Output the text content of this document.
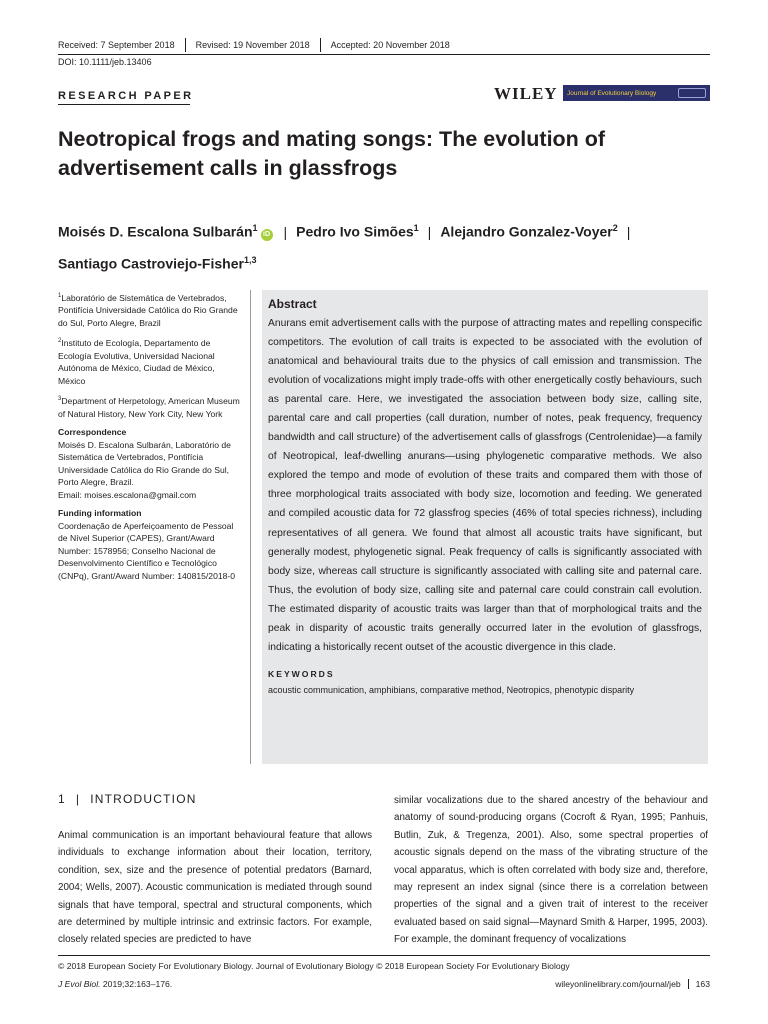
Received: 7 September 2018	Revised: 19 November 2018	Accepted: 20 November 2018
DOI: 10.1111/jeb.13406
RESEARCH PAPER	WILEY Journal of Evolutionary Biology
Neotropical frogs and mating songs: The evolution of advertisement calls in glassfrogs
Moisés D. Escalona Sulbarán$^1$iD | Pedro Ivo Simões$^1$ | Alejandro Gonzalez-Voyer$^2$ |
Santiago Castroviejo-Fisher$^{1,3}$

$^1$Laboratório de Sistemática de Vertebrados, Pontifícia Universidade Católica do Rio Grande do Sul, Porto Alegre, Brazil

$^2$Instituto de Ecología, Departamento de Ecología Evolutiva, Universidad Nacional Autónoma de México, Ciudad de México, México

$^3$Department of Herpetology, American Museum of Natural History, New York City, New York

Correspondence
Moisés D. Escalona Sulbarán, Laboratório de Sistemática de Vertebrados, Pontifícia Universidade Católica do Rio Grande do Sul, Porto Alegre, Brazil.

Email: moises.escalona@gmail.com

Funding information
Coordenação de Aperfeiçoamento de Pessoal de Nível Superior (CAPES), Grant/Award Number: 1578956; Conselho Nacional de Desenvolvimento Científico e Tecnológico (CNPq), Grant/Award Number: 140815/2018-0
Abstract
Anurans emit advertisement calls with the purpose of attracting mates and repelling conspecific competitors. The evolution of call traits is expected to be associated with the evolution of anatomical and behavioural traits due to the physics of call emission and transmission. The evolution of vocalizations might imply trade-offs with other energetically costly behaviours, such as parental care. Here, we investigated the association between body size, calling site, parental care and call properties (call duration, number of notes, peak frequency, frequency bandwidth and call structure) of the advertisement calls of glassfrogs (Centrolenidae)—a family of Neotropical, leaf-dwelling anurans—using phylogenetic comparative methods. We also explored the tempo and mode of evolution of these traits and compared them with those of three morphological traits associated with body size, locomotion and feeding. We generated and compiled acoustic data for 72 glassfrog species (46% of total species richness), including representatives of all genera. We found that almost all acoustic traits have significant, but generally modest, phylogenetic signal. Peak frequency of calls is significantly associated with body size, whereas call structure is significantly associated with calling site and paternal care. Thus, the evolution of body size, calling site and paternal care could constrain call evolution. The estimated disparity of acoustic traits was larger than that of morphological traits and the peak in disparity of acoustic traits generally occurred later in the evolution of glassfrogs, indicating a historically recent outset of the acoustic divergence in this clade.
KEYWORDS
acoustic communication, amphibians, comparative method, Neotropics, phenotypic disparity
1 | INTRODUCTION
Animal communication is an important behavioural feature that allows individuals to exchange information about their location, territory, condition, sex, size and the presence of potential predators (Barnard, 2004; Wells, 2007). Acoustic communication is mediated through sound signals that have temporal, spectral and structural components, which are determined by multiple intrinsic and extrinsic factors. For example, closely related species are predicted to have
similar vocalizations due to the shared ancestry of the behaviour and anatomy of sound-producing organs (Cocroft & Ryan, 1995; Panhuis, Butlin, Zuk, & Tregenza, 2001). Also, some spectral properties of acoustic signals depend on the mass of the vibrating structure of the vocal apparatus, which is often correlated with body size and, therefore, may represent an index signal (since there is a correlation between properties of the signal and a given trait of interest to the receiver evaluated based on said signal—Maynard Smith & Harper, 1995, 2003). For example, the dominant frequency of vocalizations
© 2018 European Society For Evolutionary Biology. Journal of Evolutionary Biology © 2018 European Society For Evolutionary Biology
J Evol Biol. 2019;32:163–176.	wileyonlinelibrary.com/journal/jeb	163
